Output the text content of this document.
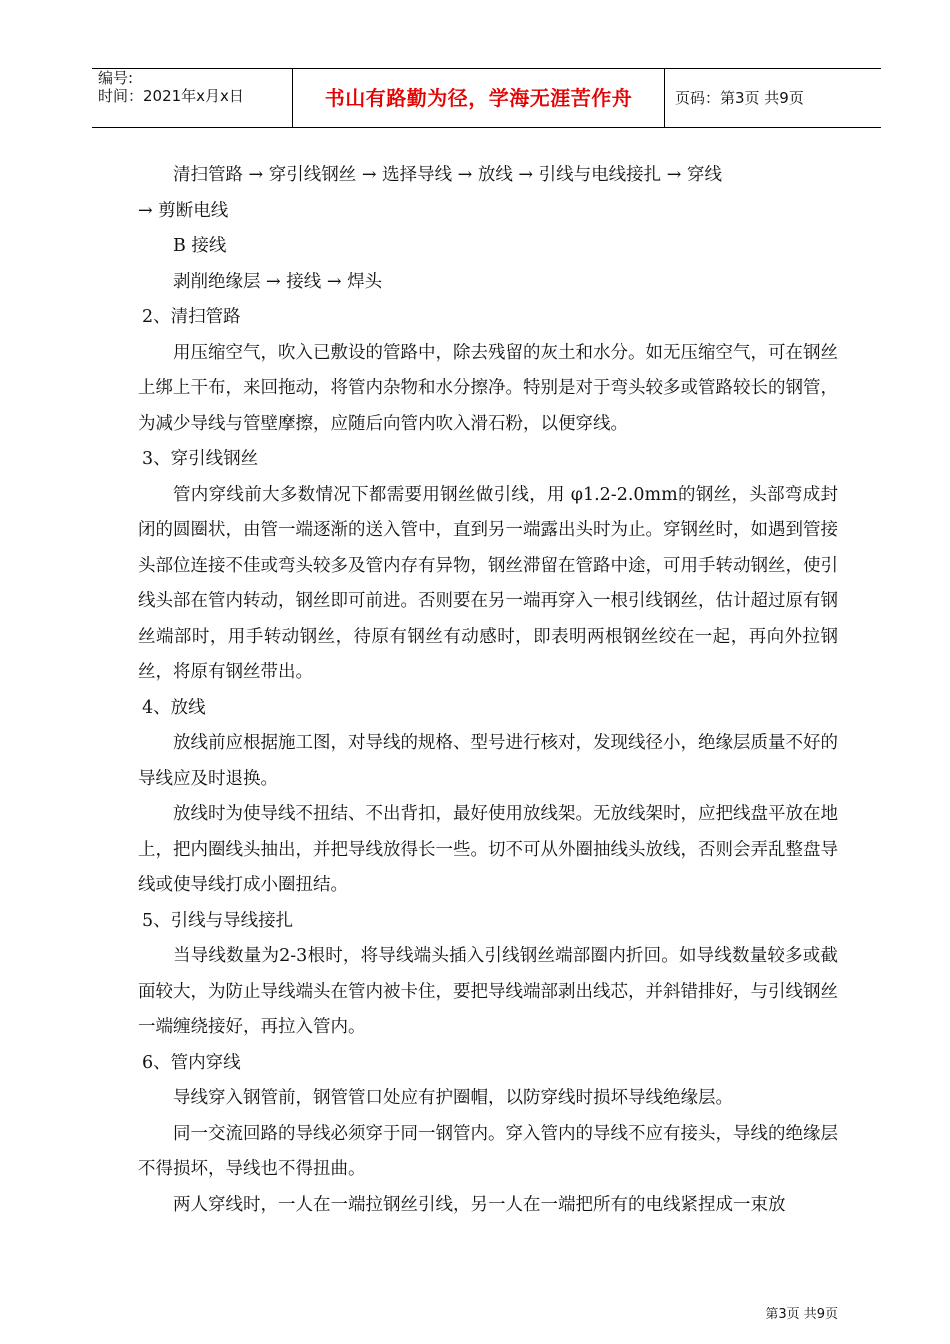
编号:
时间：2021年x月x日	书山有路勤为径，学海无涯苦作舟	页码：第3页 共9页

清扫管路 → 穿引线钢丝 → 选择导线 → 放线 → 引线与电线接扎 → 穿线

→ 剪断电线

B 接线

剥削绝缘层 → 接线 → 焊头

2、清扫管路

用压缩空气，吹入已敷设的管路中，除去残留的灰土和水分。如无压缩空气，可在钢丝上绑上干布，来回拖动，将管内杂物和水分擦净。特别是对于弯头较多或管路较长的钢管，为减少导线与管壁摩擦，应随后向管内吹入滑石粉，以便穿线。

3、穿引线钢丝

管内穿线前大多数情况下都需要用钢丝做引线，用 φ1.2-2.0mm的钢丝，头部弯成封闭的圆圈状，由管一端逐渐的送入管中，直到另一端露出头时为止。穿钢丝时，如遇到管接头部位连接不佳或弯头较多及管内存有异物，钢丝滞留在管路中途，可用手转动钢丝，使引线头部在管内转动，钢丝即可前进。否则要在另一端再穿入一根引线钢丝，估计超过原有钢丝端部时，用手转动钢丝，待原有钢丝有动感时，即表明两根钢丝绞在一起，再向外拉钢丝，将原有钢丝带出。

4、放线

放线前应根据施工图，对导线的规格、型号进行核对，发现线径小，绝缘层质量不好的导线应及时退换。

放线时为使导线不扭结、不出背扣，最好使用放线架。无放线架时，应把线盘平放在地上，把内圈线头抽出，并把导线放得长一些。切不可从外圈抽线头放线，否则会弄乱整盘导线或使导线打成小圈扭结。

5、引线与导线接扎

当导线数量为2-3根时，将导线端头插入引线钢丝端部圈内折回。如导线数量较多或截面较大，为防止导线端头在管内被卡住，要把导线端部剥出线芯，并斜错排好，与引线钢丝一端缠绕接好，再拉入管内。

6、管内穿线

导线穿入钢管前，钢管管口处应有护圈帽，以防穿线时损坏导线绝缘层。

同一交流回路的导线必须穿于同一钢管内。穿入管内的导线不应有接头，导线的绝缘层不得损坏，导线也不得扭曲。

两人穿线时，一人在一端拉钢丝引线，另一人在一端把所有的电线紧捏成一束放

第3页 共9页
